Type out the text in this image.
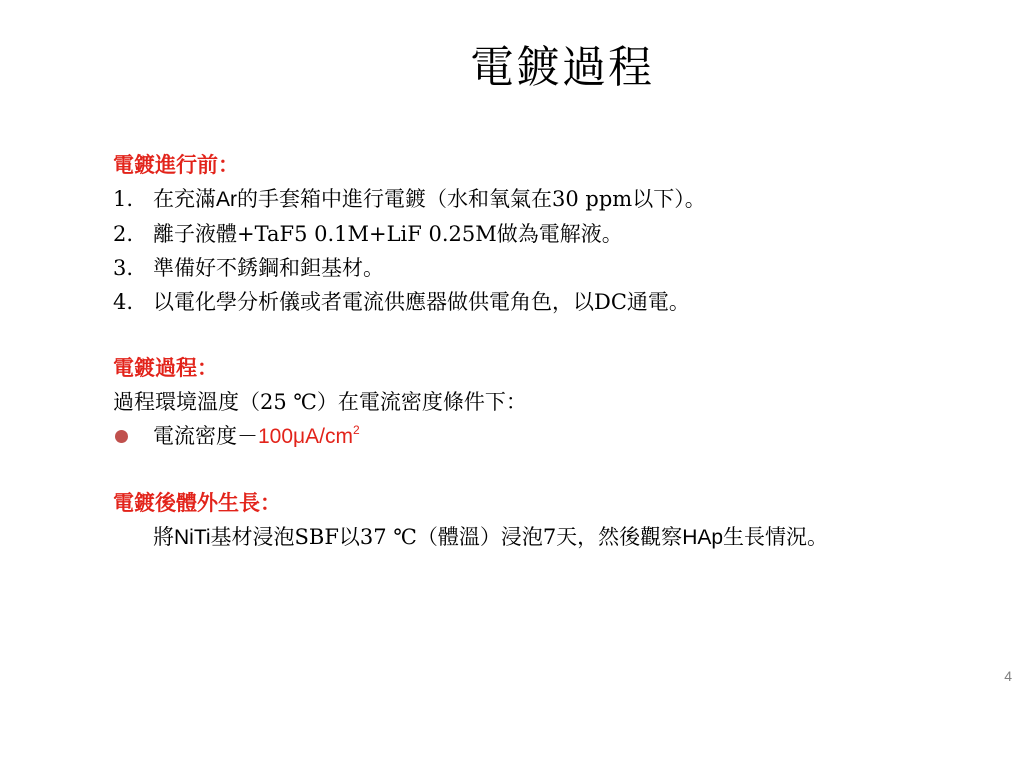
電鍍過程
電鍍進行前：
1. 在充滿Ar的手套箱中進行電鍍（水和氧氣在30 ppm以下）。
2. 離子液體+TaF5 0.1M+LiF 0.25M做為電解液。
3. 準備好不銹鋼和鉭基材。
4. 以電化學分析儀或者電流供應器做供電角色，以DC通電。
電鍍過程：
過程環境溫度（25 ℃）在電流密度條件下：
電流密度$-100\mu A/cm^2$
電鍍後體外生長：
將NiTi基材浸泡SBF以37 ℃（體溫）浸泡7天，然後觀察HAp生長情況。
4
